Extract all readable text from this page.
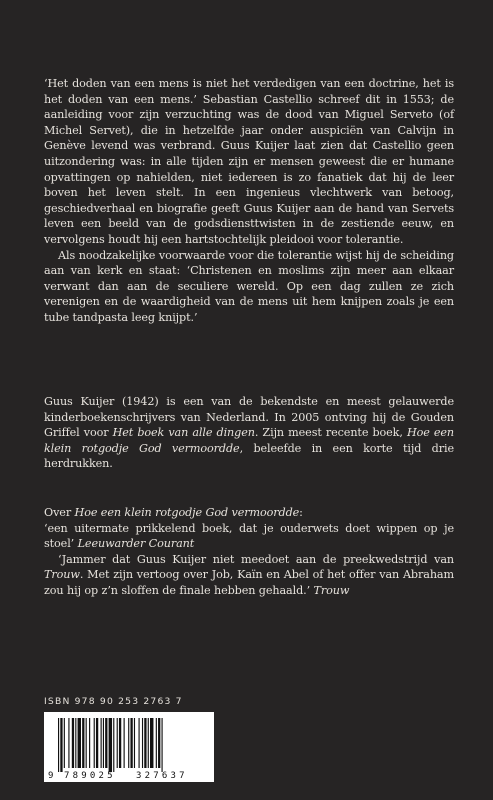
‘Het doden van een mens is niet het verdedigen van een doctrine, het is het doden van een mens.’ Sebastian Castellio schreef dit in 1553; de aanleiding voor zijn verzuchting was de dood van Miguel Serveto (of Michel Servet), die in hetzelfde jaar onder auspiciën van Calvijn in Genève levend was verbrand. Guus Kuijer laat zien dat Castellio geen uitzondering was: in alle tijden zijn er mensen geweest die er humane opvattingen op nahielden, niet iedereen is zo fanatiek dat hij de leer boven het leven stelt. In een ingenieus vlechtwerk van betoog, geschiedverhaal en biografie geeft Guus Kuijer aan de hand van Servets leven een beeld van de godsdiensttwisten in de zestiende eeuw, en vervolgens houdt hij een hartstochtelijk pleidooi voor tolerantie.

Als noodzakelijke voorwaarde voor die tolerantie wijst hij de scheiding aan van kerk en staat: ‘Christenen en moslims zijn meer aan elkaar verwant dan aan de seculiere wereld. Op een dag zullen ze zich verenigen en de waardigheid van de mens uit hem knijpen zoals je een tube tandpasta leeg knijpt.’

Guus Kuijer (1942) is een van de bekendste en meest gelauwerde kinderboekenschrijvers van Nederland. In 2005 ontving hij de Gouden Griffel voor Het boek van alle dingen. Zijn meest recente boek, Hoe een klein rotgodje God vermoordde, beleefde in een korte tijd drie herdrukken.

Over Hoe een klein rotgodje God vermoordde:

‘een uitermate prikkelend boek, dat je ouderwets doet wippen op je stoel’ Leeuwarder Courant

‘Jammer dat Guus Kuijer niet meedoet aan de preekwedstrijd van Trouw. Met zijn vertoog over Job, Kaïn en Abel of het offer van Abraham zou hij op z’n sloffen de finale hebben gehaald.’ Trouw

ISBN 978 90 253 2763 7
9 789025 327637
